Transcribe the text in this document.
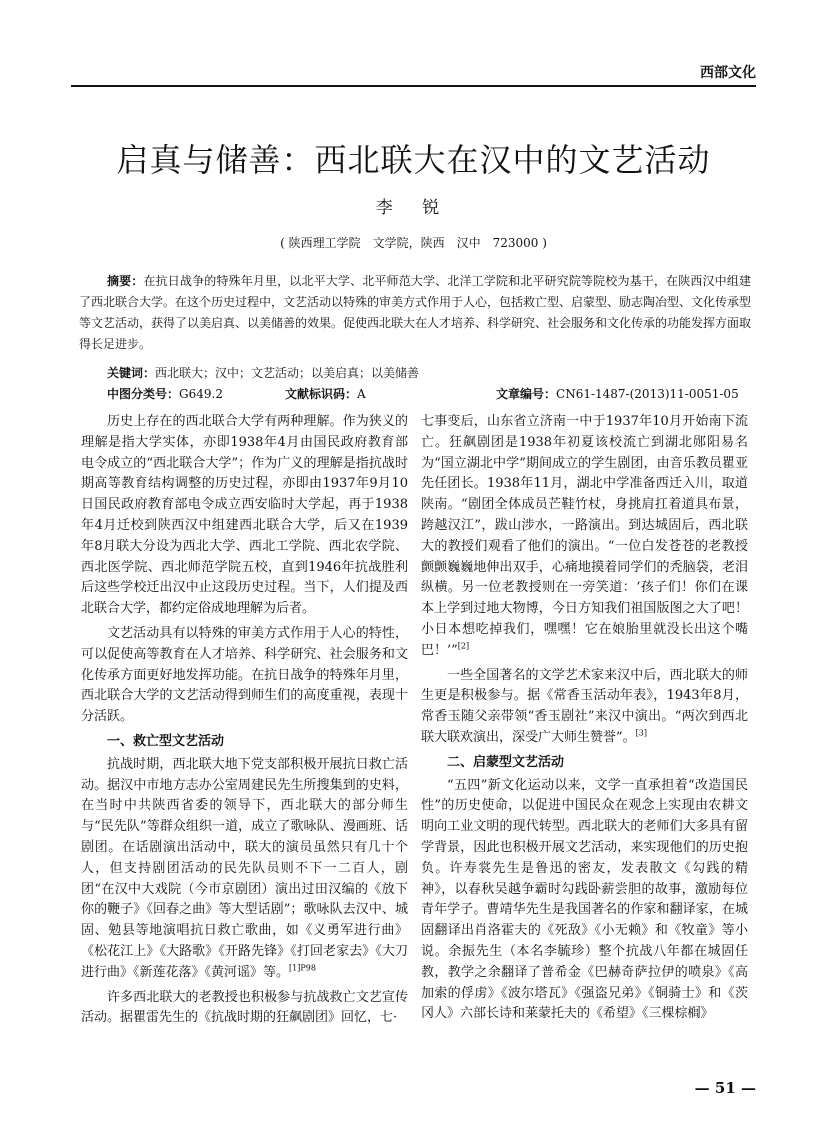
西部文化
启真与储善：西北联大在汉中的文艺活动
李 锐
( 陕西理工学院　文学院，陕西　汉中　723000 )
摘要：在抗日战争的特殊年月里，以北平大学、北平师范大学、北洋工学院和北平研究院等院校为基干，在陕西汉中组建了西北联合大学。在这个历史过程中，文艺活动以特殊的审美方式作用于人心，包括救亡型、启蒙型、励志陶冶型、文化传承型等文艺活动，获得了以美启真、以美储善的效果。促使西北联大在人才培养、科学研究、社会服务和文化传承的功能发挥方面取得长足进步。
关键词：西北联大；汉中；文艺活动；以美启真；以美储善
中图分类号：G649.2	文献标识码：A	文章编号：CN61-1487-(2013)11-0051-05

历史上存在的西北联合大学有两种理解。作为狭义的理解是指大学实体，亦即1938年4月由国民政府教育部电令成立的“西北联合大学”；作为广义的理解是指抗战时期高等教育结构调整的历史过程，亦即由1937年9月10日国民政府教育部电令成立西安临时大学起，再于1938年4月迁校到陕西汉中组建西北联合大学，后又在1939年8月联大分设为西北大学、西北工学院、西北农学院、西北医学院、西北师范学院五校，直到1946年抗战胜利后这些学校迁出汉中止这段历史过程。当下，人们提及西北联合大学，都约定俗成地理解为后者。

文艺活动具有以特殊的审美方式作用于人心的特性，可以促使高等教育在人才培养、科学研究、社会服务和文化传承方面更好地发挥功能。在抗日战争的特殊年月里，西北联合大学的文艺活动得到师生们的高度重视，表现十分活跃。

一、救亡型文艺活动

抗战时期，西北联大地下党支部积极开展抗日救亡活动。据汉中市地方志办公室周建民先生所搜集到的史料，在当时中共陕西省委的领导下，西北联大的部分师生与“民先队”等群众组织一道，成立了歌咏队、漫画班、话剧团。在话剧演出活动中，联大的演员虽然只有几十个人，但支持剧团活动的民先队员则不下一二百人，剧团“在汉中大戏院（今市京剧团）演出过田汉编的《放下你的鞭子》《回春之曲》等大型话剧”；歌咏队去汉中、城固、勉县等地演唱抗日救亡歌曲，如《义勇军进行曲》《松花江上》《大路歌》《开路先锋》《打回老家去》《大刀进行曲》《新莲花落》《黄河谣》等。$^{[1]P98}$

许多西北联大的老教授也积极参与抗战救亡文艺宣传活动。据瞿雷先生的《抗战时期的狂飙剧团》回忆，七·

七事变后，山东省立济南一中于1937年10月开始南下流亡。狂飙剧团是1938年初夏该校流亡到湖北郧阳易名为“国立湖北中学”期间成立的学生剧团，由音乐教员瞿亚先任团长。1938年11月，湖北中学准备西迁入川，取道陕南。“剧团全体成员芒鞋竹杖，身挑肩扛着道具布景，跨越汉江”，跋山涉水，一路演出。到达城固后，西北联大的教授们观看了他们的演出。“一位白发苍苍的老教授颤颤巍巍地伸出双手，心痛地摸着同学们的秃脑袋，老泪纵横。另一位老教授则在一旁笑道：‘孩子们！你们在课本上学到过地大物博，今日方知我们祖国版图之大了吧！小日本想吃掉我们，嘿嘿！它在娘胎里就没长出这个嘴巴！’”[2]

一些全国著名的文学艺术家来汉中后，西北联大的师生更是积极参与。据《常香玉活动年表》，1943年8月，常香玉随父亲带领“香玉剧社”来汉中演出。“两次到西北联大联欢演出，深受广大师生赞誉”。[3]

二、启蒙型文艺活动

“五四”新文化运动以来，文学一直承担着“改造国民性”的历史使命，以促进中国民众在观念上实现由农耕文明向工业文明的现代转型。西北联大的老师们大多具有留学背景，因此也积极开展文艺活动，来实现他们的历史抱负。许寿裳先生是鲁迅的密友，发表散文《勾践的精神》，以春秋吴越争霸时勾践卧薪尝胆的故事，激励每位青年学子。曹靖华先生是我国著名的作家和翻译家，在城固翻译出肖洛霍夫的《死敌》《小无赖》和《牧童》等小说。余振先生（本名李毓珍）整个抗战八年都在城固任教，教学之余翻译了普希金《巴赫奇萨拉伊的喷泉》《高加索的俘虏》《波尔塔瓦》《强盗兄弟》《铜骑士》和《茨冈人》六部长诗和莱蒙托夫的《希望》《三棵棕榈》

— 51 —
